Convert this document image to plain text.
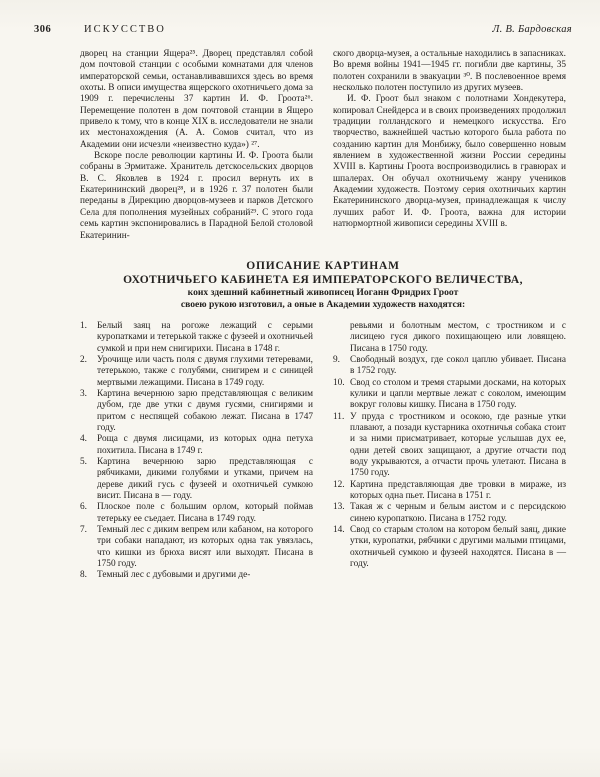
306	ИСКУССТВО	Л. В. Бардовская

дворец на станции Ящера²⁵. Дворец представлял собой дом почтовой станции с особыми комнатами для членов императорской семьи, останавливавшихся здесь во время охоты. В описи имущества ящерского охотничьего дома за 1909 г. перечислены 37 картин И. Ф. Гроота²⁶. Перемещение полотен в дом почтовой станции в Ящеро привело к тому, что в конце XIX в. исследователи не знали их местонахождения (А. А. Сомов считал, что из Академии они исчезли «неизвестно куда») ²⁷.

Вскоре после революции картины И. Ф. Гроота были собраны в Эрмитаже. Хранитель детскосельских дворцов В. С. Яковлев в 1924 г. просил вернуть их в Екатерининский дворец²⁸, и в 1926 г. 37 полотен были переданы в Дирекцию дворцов-музеев и парков Детского Села для пополнения музейных собраний²⁹. С этого года семь картин экспонировались в Парадной Белой столовой Екатеринин-

ского дворца-музея, а остальные находились в запасниках. Во время войны 1941—1945 гг. погибли две картины, 35 полотен сохранили в эвакуации ³⁰. В послевоенное время несколько полотен поступило из других музеев.

И. Ф. Гроот был знаком с полотнами Хондекутера, копировал Снейдерса и в своих произведениях продолжил традиции голландского и немецкого искусства. Его творчество, важнейшей частью которого была работа по созданию картин для Монбижу, было совершенно новым явлением в художественной жизни России середины XVIII в. Картины Гроота воспроизводились в гравюрах и шпалерах. Он обучал охотничьему жанру учеников Академии художеств. Поэтому серия охотничьих картин Екатерининского дворца-музея, принадлежащая к числу лучших работ И. Ф. Гроота, важна для истории натюрмортной живописи середины XVIII в.

ОПИСАНИЕ КАРТИНАМ
ОХОТНИЧЬЕГО КАБИНЕТА ЕЯ ИМПЕРАТОРСКОГО ВЕЛИЧЕСТВА,
коих здешний кабинетный живописец Иоганн Фридрих Гроот
своею рукою изготовил, а оные в Академии художеств находятся:
1.	Белый заяц на рогоже лежащий с серыми куропатками и тетерькой также с фузеей и охотничьей сумкой и при нем снигирихи. Писана в 1748 г.
2.	Урочище или часть поля с двумя глухими тетеревами, тетерькою, также с голубями, снигирем и с синицей мертвыми лежащими. Писана в 1749 году.
3.	Картина вечернюю зарю представляющая с великим дубом, где две утки с двумя гусями, снигирями и притом с неспящей собакою лежат. Писана в 1747 году.
4.	Роща с двумя лисицами, из которых одна петуха похитила. Писана в 1749 г.
5.	Картина вечернюю зарю представляющая с рябчиками, дикими голубями и утками, причем на дереве дикий гусь с фузеей и охотничьей сумкою висит. Писана в — году.
6.	Плоское поле с большим орлом, который поймав тетерьку ее съедает. Писана в 1749 году.
7.	Темный лес с диким вепрем или кабаном, на которого три собаки нападают, из которых одна так увязлась, что кишки из брюха висят или выходят. Писана в 1750 году.
8.	Темный лес с дубовыми и другими де-

ревьями и болотным местом, с тростником и с лисицею гуся дикого похищающею или ловящею. Писана в 1750 году.

9.	Свободный воздух, где сокол цаплю убивает. Писана в 1752 году.
10. Свод со столом и тремя старыми досками, на которых кулики и цапли мертвые лежат с соколом, имеющим вокруг головы кишку. Писана в 1750 году.
11. У пруда с тростником и осокою, где разные утки плавают, а позади кустарника охотничья собака стоит и за ними присматривает, которые услышав дух ее, одни детей своих защищают, а другие отчасти под воду укрываются, а отчасти прочь улетают. Писана в 1750 году.
12. Картина представляющая две тровки в мираже, из которых одна пьет. Писана в 1751 г.
13. Такая ж с черным и белым аистом и с персидскою синею куропаткою. Писана в 1752 году.
14. Свод со старым столом на котором белый заяц, дикие утки, куропатки, рябчики с другими малыми птицами, охотничьей сумкою и фузеей находятся. Писана в — году.
